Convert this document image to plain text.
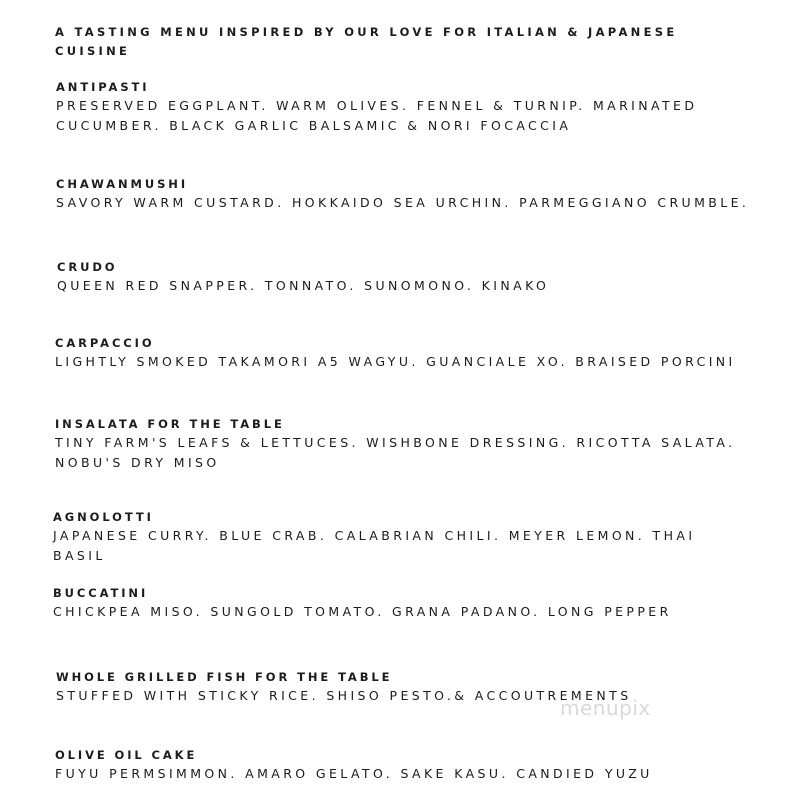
A TASTING MENU INSPIRED BY OUR LOVE FOR ITALIAN & JAPANESE CUISINE
ANTIPASTI
PRESERVED EGGPLANT. WARM OLIVES. FENNEL & TURNIP. MARINATED CUCUMBER. BLACK GARLIC BALSAMIC & NORI FOCACCIA
CHAWANMUSHI
SAVORY WARM CUSTARD. HOKKAIDO SEA URCHIN. PARMEGGIANO CRUMBLE.
CRUDO
QUEEN RED SNAPPER. TONNATO. SUNOMONO. KINAKO
CARPACCIO
LIGHTLY SMOKED TAKAMORI A5 WAGYU. GUANCIALE XO. BRAISED PORCINI
INSALATA FOR THE TABLE
TINY FARM'S LEAFS & LETTUCES. WISHBONE DRESSING. RICOTTA SALATA. NOBU'S DRY MISO
AGNOLOTTI
JAPANESE CURRY. BLUE CRAB. CALABRIAN CHILI. MEYER LEMON. THAI BASIL
BUCCATINI
CHICKPEA MISO. SUNGOLD TOMATO. GRANA PADANO. LONG PEPPER
WHOLE GRILLED FISH FOR THE TABLE
STUFFED WITH STICKY RICE. SHISO PESTO.& ACCOUTREMENTS
OLIVE OIL CAKE
FUYU PERMSIMMON. AMARO GELATO. SAKE KASU. CANDIED YUZU
menupix
